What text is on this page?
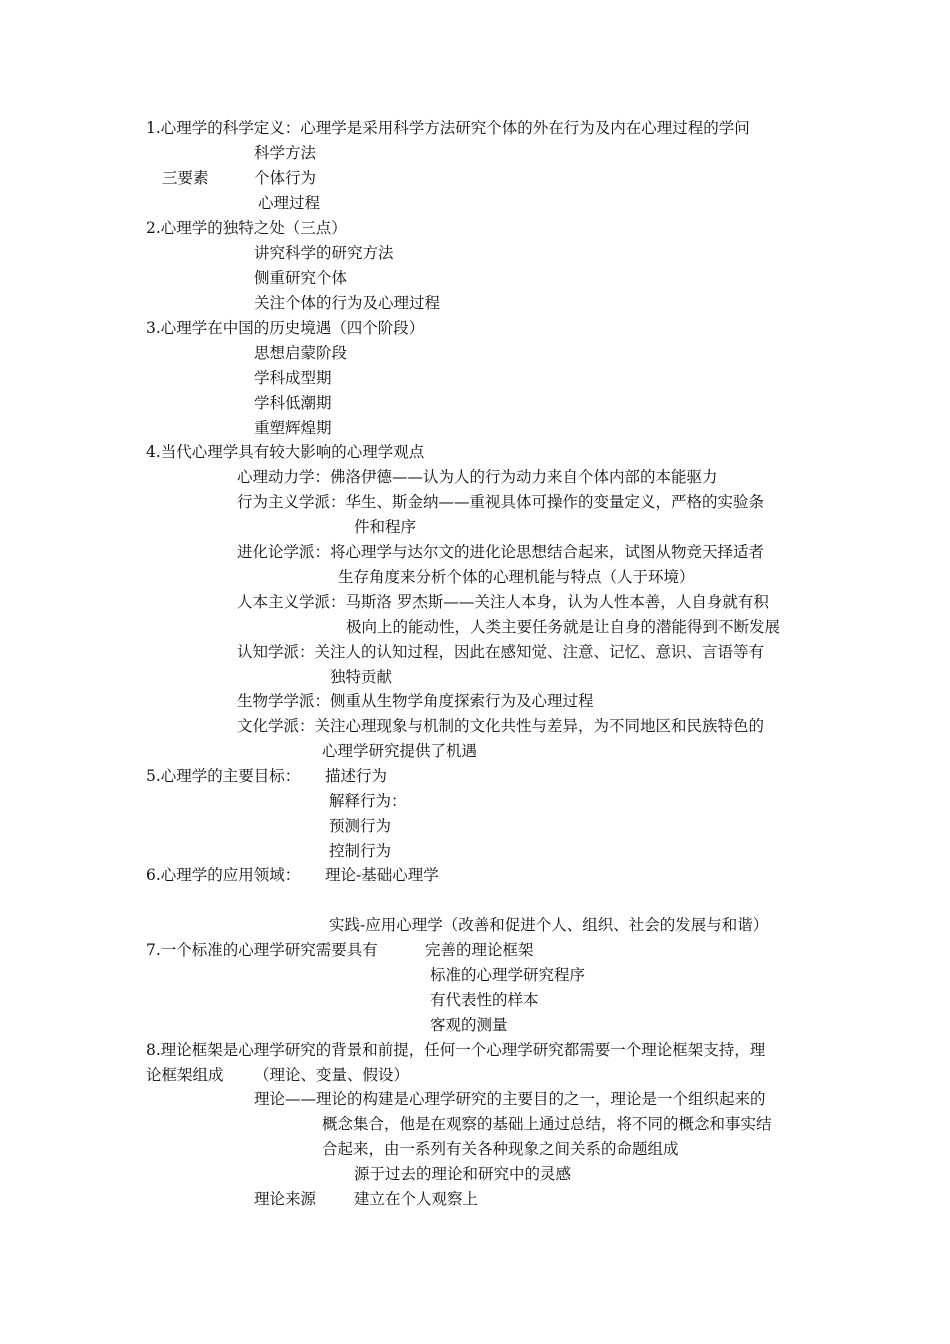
1.心理学的科学定义：心理学是采用科学方法研究个体的外在行为及内在心理过程的学问
科学方法
三要素	个体行为
心理过程
2.心理学的独特之处（三点）
讲究科学的研究方法
侧重研究个体
关注个体的行为及心理过程
3.心理学在中国的历史境遇（四个阶段）
思想启蒙阶段
学科成型期
学科低潮期
重塑辉煌期
4.当代心理学具有较大影响的心理学观点
心理动力学：佛洛伊德——认为人的行为动力来自个体内部的本能驱力
行为主义学派：华生、斯金纳——重视具体可操作的变量定义，严格的实验条
件和程序
进化论学派：将心理学与达尔文的进化论思想结合起来，试图从物竞天择适者
生存角度来分析个体的心理机能与特点（人于环境）
人本主义学派：马斯洛 罗杰斯——关注人本身，认为人性本善，人自身就有积
极向上的能动性，人类主要任务就是让自身的潜能得到不断发展
认知学派：关注人的认知过程，因此在感知觉、注意、记忆、意识、言语等有
独特贡献
生物学学派：侧重从生物学角度探索行为及心理过程
文化学派：关注心理现象与机制的文化共性与差异，为不同地区和民族特色的
心理学研究提供了机遇
5.心理学的主要目标： 描述行为
解释行为：
预测行为
控制行为
6.心理学的应用领域： 理论-基础心理学
实践-应用心理学（改善和促进个人、组织、社会的发展与和谐）
7.一个标准的心理学研究需要具有	完善的理论框架
标准的心理学研究程序
有代表性的样本
客观的测量
8.理论框架是心理学研究的背景和前提，任何一个心理学研究都需要一个理论框架支持，理
论框架组成 （理论、变量、假设）
理论——理论的构建是心理学研究的主要目的之一，理论是一个组织起来的
概念集合，他是在观察的基础上通过总结，将不同的概念和事实结
合起来，由一系列有关各种现象之间关系的命题组成
源于过去的理论和研究中的灵感
理论来源 建立在个人观察上
